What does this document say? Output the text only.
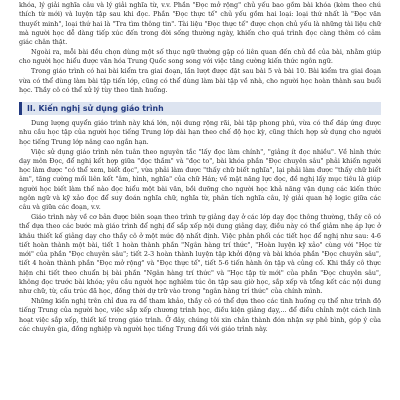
khóa, lý giải nghĩa câu và lý giải nghĩa từ, v.v. Phần "Đọc mở rộng" chủ yếu bao gồm bài khóa (kèm theo chú thích từ mới) và luyện tập sau khi đọc. Phần "Đọc thực tế" chủ yếu gồm hai loại: loại thứ nhất là "Đọc văn thuyết minh", loại thứ hai là "Tra tìm thông tin". Tài liệu "Đọc thực tế" được chọn chủ yếu là những tài liệu chữ mà người học dễ dàng tiếp xúc đến trong đời sống thường ngày, khiến cho quá trình đọc càng thêm có cảm giác chân thật.

Ngoài ra, mỗi bài đều chọn dùng một số thục ngữ thường gặp có liên quan đến chủ đề của bài, nhằm giúp cho người học hiểu được văn hóa Trung Quốc song song với việc tăng cường kiến thức ngôn ngữ.

Trong giáo trình có hai bài kiểm tra giai đoạn, lần lượt được đặt sau bài 5 và bài 10. Bài kiểm tra giai đoạn vừa có thể dùng làm bài tập tiến lớp, cũng có thể dùng làm bài tập về nhà, cho người học hoàn thành sau buổi học. Thầy cô có thể xử lý tùy theo tình huống.

II. Kiến nghị sử dụng giáo trình

Dung lượng quyển giáo trình này khá lớn, nội dung rộng rãi, bài tập phong phú, vừa có thể đáp ứng được nhu cầu học tập của người học tiếng Trung lớp dài hạn theo chế độ học kỳ, cũng thích hợp sử dụng cho người học tiếng Trung lớp nâng cao ngắn hạn.

Việc sử dụng giáo trình nên tuân theo nguyên tắc "lấy đọc làm chính", "giảng ít đọc nhiều". Về hình thức dạy môn Đọc, để nghị kết hợp giữa "đọc thầm" và "đọc to", bài khóa phần "Đọc chuyên sâu" phải khiến người học làm được "có thể xem, biết đọc", vừa phải làm được "thấy chữ biết nghĩa", lại phải làm được "thấy chữ biết âm", tăng cường mối liên kết "âm, hình, nghĩa" của chữ Hán; về mặt năng lực đọc, đề nghị lấy mục tiêu là giúp người học biết làm thế nào đọc hiểu một bài văn, bồi dưỡng cho người học khả năng vận dụng các kiến thức ngôn ngữ và kỹ xảo đọc để suy đoán nghĩa chữ, nghĩa từ, phân tích nghĩa câu, lý giải quan hệ logic giữa các câu và giữa các đoạn, v.v.

Giáo trình này về cơ bản được biên soạn theo trình tự giảng dạy ở các lớp dạy đọc thông thường, thầy cô có thể dựa theo các bước mà giáo trình để nghị để sắp xếp nội dung giảng dạy, điều này có thể giảm nhẹ áp lực ở khâu thiết kế giảng dạy cho thầy cô ở một mức độ nhất định. Việc phân phối các tiết học để nghị như sau: 4-6 tiết hoàn thành một bài, tiết 1 hoàn thành phần "Ngân hàng trí thức", "Hoàn luyện kỹ xảo" cùng với "Học từ mới" của phần "Đọc chuyên sâu"; tiết 2-3 hoàn thành luyện tập khởi động và bài khóa phần "Đọc chuyên sâu", tiết 4 hoàn thành phần "Đọc mở rộng" và "Đọc thực tế", tiết 5-6 tiến hành ôn tập và củng cố. Khi thầy cô thực hiện chi tiết theo chuẩn bị bài phần "Ngân hàng trí thức" và "Học tập từ mới" của phần "Đọc chuyên sâu", không đọc trước bài khóa; yêu cầu người học nghiêm túc ôn tập sau giờ học, sắp xếp và tổng kết các nội dung như chữ, từ, cấu trúc đã học, đồng thời dự trữ vào trong "ngân hàng trí thức" của chính mình.

Những kiến nghị trên chỉ đưa ra để tham khảo, thầy cô có thể dựa theo các tình huống cụ thể như trình độ tiếng Trung của người học, việc sắp xếp chương trình học, điều kiện giảng dạy,... để điều chỉnh một cách linh hoạt việc sắp xếp, thiết kế trong giáo trình. Ở đây, chúng tôi xin chân thành đón nhận sự phê bình, góp ý của các chuyên gia, đồng nghiệp và người học tiếng Trung đối với giáo trình này.
